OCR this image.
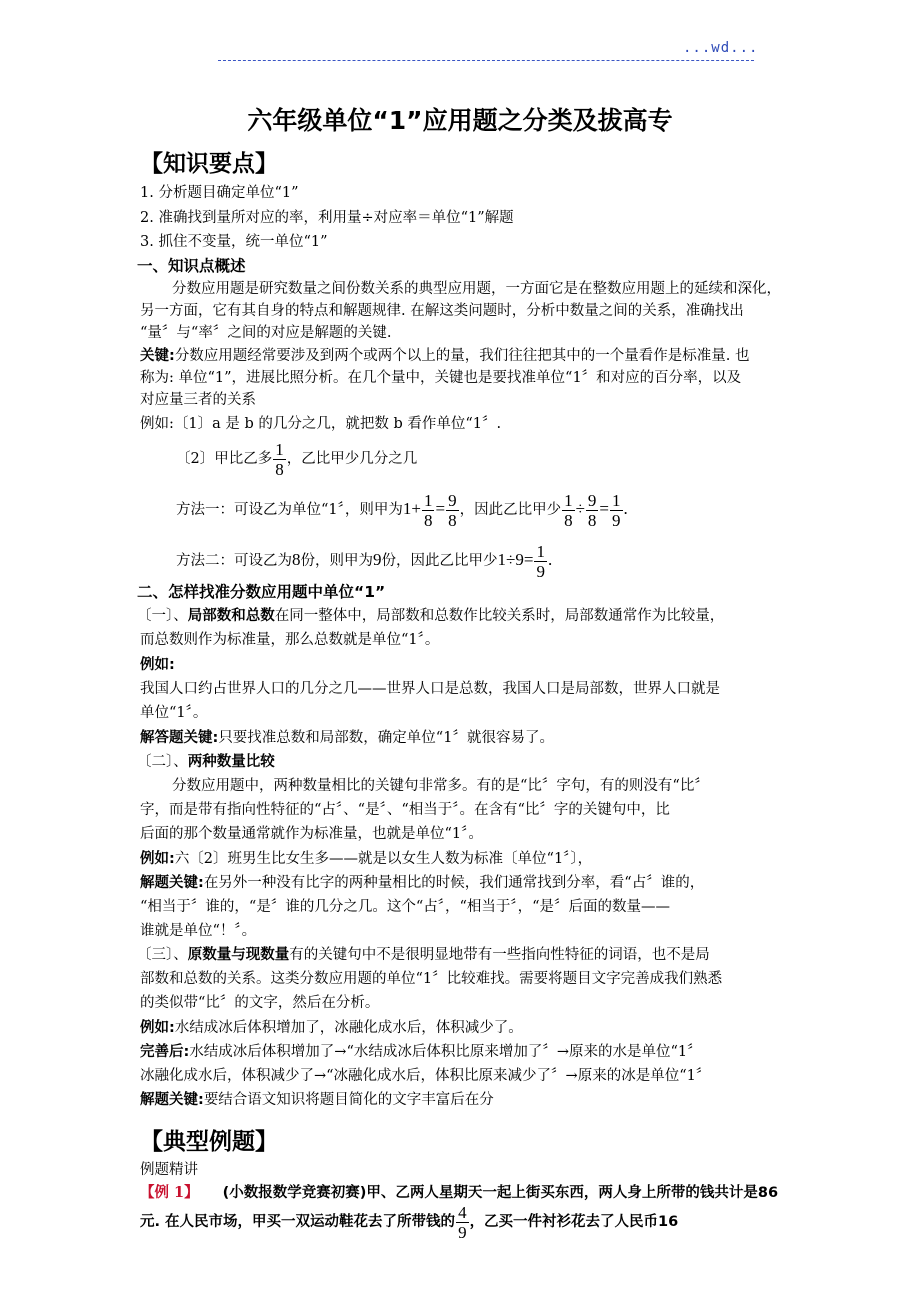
...wd...
六年级单位“1”应用题之分类及拔高专
【知识要点】
1. 分析题目确定单位“1”
2. 准确找到量所对应的率，利用量÷对应率＝单位“1”解题
3. 抓住不变量，统一单位“1”
一、知识点概述
分数应用题是研究数量之间份数关系的典型应用题，一方面它是在整数应用题上的延续和深化，
另一方面，它有其自身的特点和解题规律. 在解这类问题时，分析中数量之间的关系，准确找出
“量〞与“率〞之间的对应是解题的关键.
关键:分数应用题经常要涉及到两个或两个以上的量，我们往往把其中的一个量看作是标准量. 也
称为: 单位“1”，进展比照分析。在几个量中，关键也是要找准单位“1〞和对应的百分率，以及
对应量三者的关系
例如:〔1〕a 是 b 的几分之几，就把数 b 看作单位“1〞.
〔2〕甲比乙多 $\frac{1}{8}$ ，乙比甲少几分之几
方法一：可设乙为单位“1〞，则甲为$1+ \frac{1}{8} = \frac{9}{8}$ ，因此乙比甲少 $\frac{1}{8} \div \frac{9}{8} = \frac{1}{9}$ .
方法二：可设乙为8份，则甲为9份，因此乙比甲少$1\div 9= \frac{1}{9}$ .
二、怎样找准分数应用题中单位“1”
〔一〕、局部数和总数在同一整体中，局部数和总数作比较关系时，局部数通常作为比较量，
而总数则作为标准量，那么总数就是单位“1〞。
例如:
我国人口约占世界人口的几分之几——世界人口是总数，我国人口是局部数，世界人口就是
单位“1〞。
解答题关键:只要找准总数和局部数，确定单位“1〞就很容易了。
〔二〕、两种数量比较
分数应用题中，两种数量相比的关键句非常多。有的是“比〞字句，有的则没有“比〞
字，而是带有指向性特征的“占〞、“是〞、“相当于〞。在含有“比〞字的关键句中，比
后面的那个数量通常就作为标准量，也就是单位“1〞。
例如:六〔2〕班男生比女生多——就是以女生人数为标准〔单位“1〞〕，
解题关键:在另外一种没有比字的两种量相比的时候，我们通常找到分率，看“占〞谁的，
“相当于〞谁的，“是〞谁的几分之几。这个“占〞，“相当于〞，“是〞后面的数量——
谁就是单位“！〞。
〔三〕、原数量与现数量有的关键句中不是很明显地带有一些指向性特征的词语，也不是局
部数和总数的关系。这类分数应用题的单位“1〞比较难找。需要将题目文字完善成我们熟悉
的类似带“比〞的文字，然后在分析。
例如:水结成冰后体积增加了，冰融化成水后，体积减少了。
完善后:水结成冰后体积增加了→“水结成冰后体积比原来增加了〞→原来的水是单位“1〞
冰融化成水后，体积减少了→“冰融化成水后，体积比原来减少了〞→原来的冰是单位“1〞
解题关键:要结合语文知识将题目简化的文字丰富后在分
【典型例题】
例题精讲
【例 1】 (小数报数学竞赛初赛)甲、乙两人星期天一起上街买东西，两人身上所带的钱共计是86
元. 在人民市场，甲买一双运动鞋花去了所带钱的 $\frac{4}{9}$ ，乙买一件衬衫花去了人民币16
